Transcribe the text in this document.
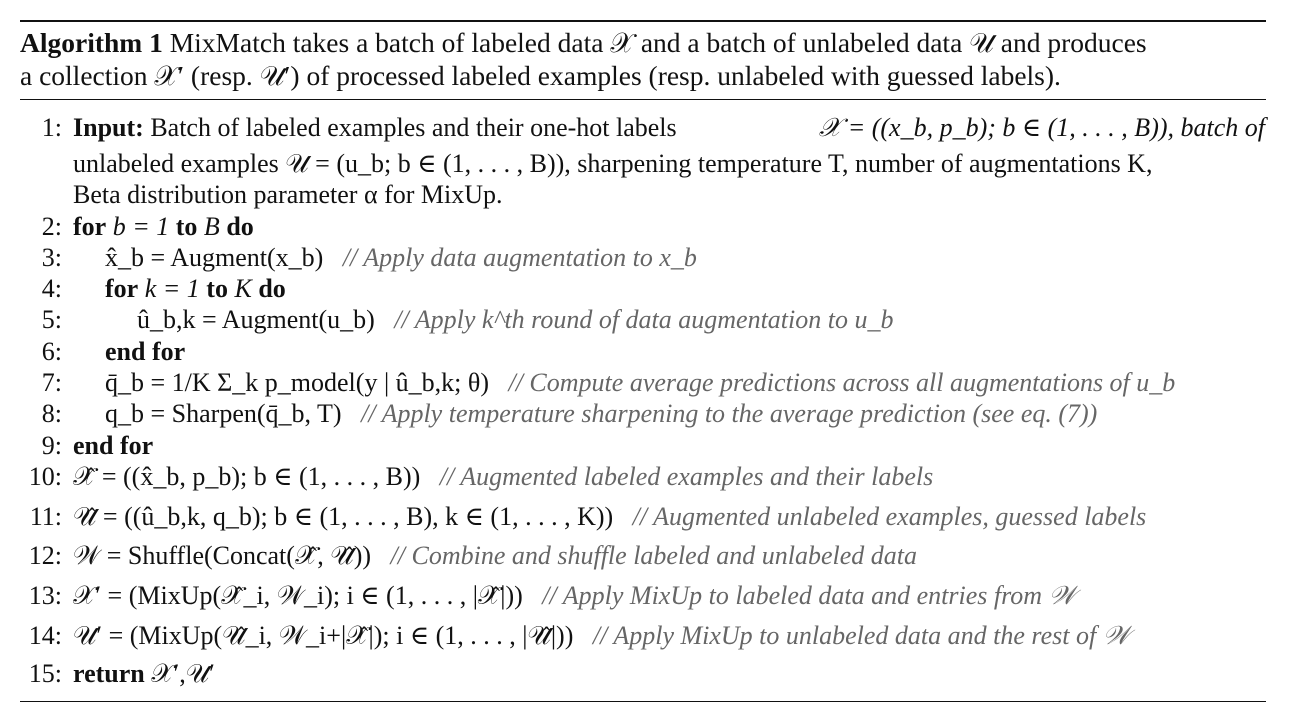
Algorithm 1 MixMatch takes a batch of labeled data 𝒳 and a batch of unlabeled data 𝒰 and produces
a collection 𝒳′ (resp. 𝒰′) of processed labeled examples (resp. unlabeled with guessed labels).
1: Input: Batch of labeled examples and their one-hot labels	𝒳 = ((x_b, p_b); b ∈ (1, . . . , B)), batch of
unlabeled examples 𝒰 = (u_b; b ∈ (1, . . . , B)), sharpening temperature T, number of augmentations K,
Beta distribution parameter α for MixUp.
2: for b = 1 to B do
3: x̂_b = Augment(x_b) // Apply data augmentation to x_b
4: for k = 1 to K do
5:	û_b,k = Augment(u_b) // Apply k^th round of data augmentation to u_b
6: end for
7: q̄_b = 1/K Σ_k p_model(y | û_b,k; θ) // Compute average predictions across all augmentations of u_b
8: q_b = Sharpen(q̄_b, T) // Apply temperature sharpening to the average prediction (see eq. (7))
9: end for
10: 𝒳̂ = ((x̂_b, p_b); b ∈ (1, . . . , B)) // Augmented labeled examples and their labels
11: 𝒰̂ = ((û_b,k, q_b); b ∈ (1, . . . , B), k ∈ (1, . . . , K)) // Augmented unlabeled examples, guessed labels
12: 𝒲 = Shuffle(Concat(𝒳̂, 𝒰̂)) // Combine and shuffle labeled and unlabeled data
13: 𝒳′ = (MixUp(𝒳̂_i, 𝒲_i); i ∈ (1, . . . , |𝒳̂|)) // Apply MixUp to labeled data and entries from 𝒲
14: 𝒰′ = (MixUp(𝒰̂_i, 𝒲_i+|𝒳̂|); i ∈ (1, . . . , |𝒰̂|)) // Apply MixUp to unlabeled data and the rest of 𝒲
15: return 𝒳′,𝒰′
